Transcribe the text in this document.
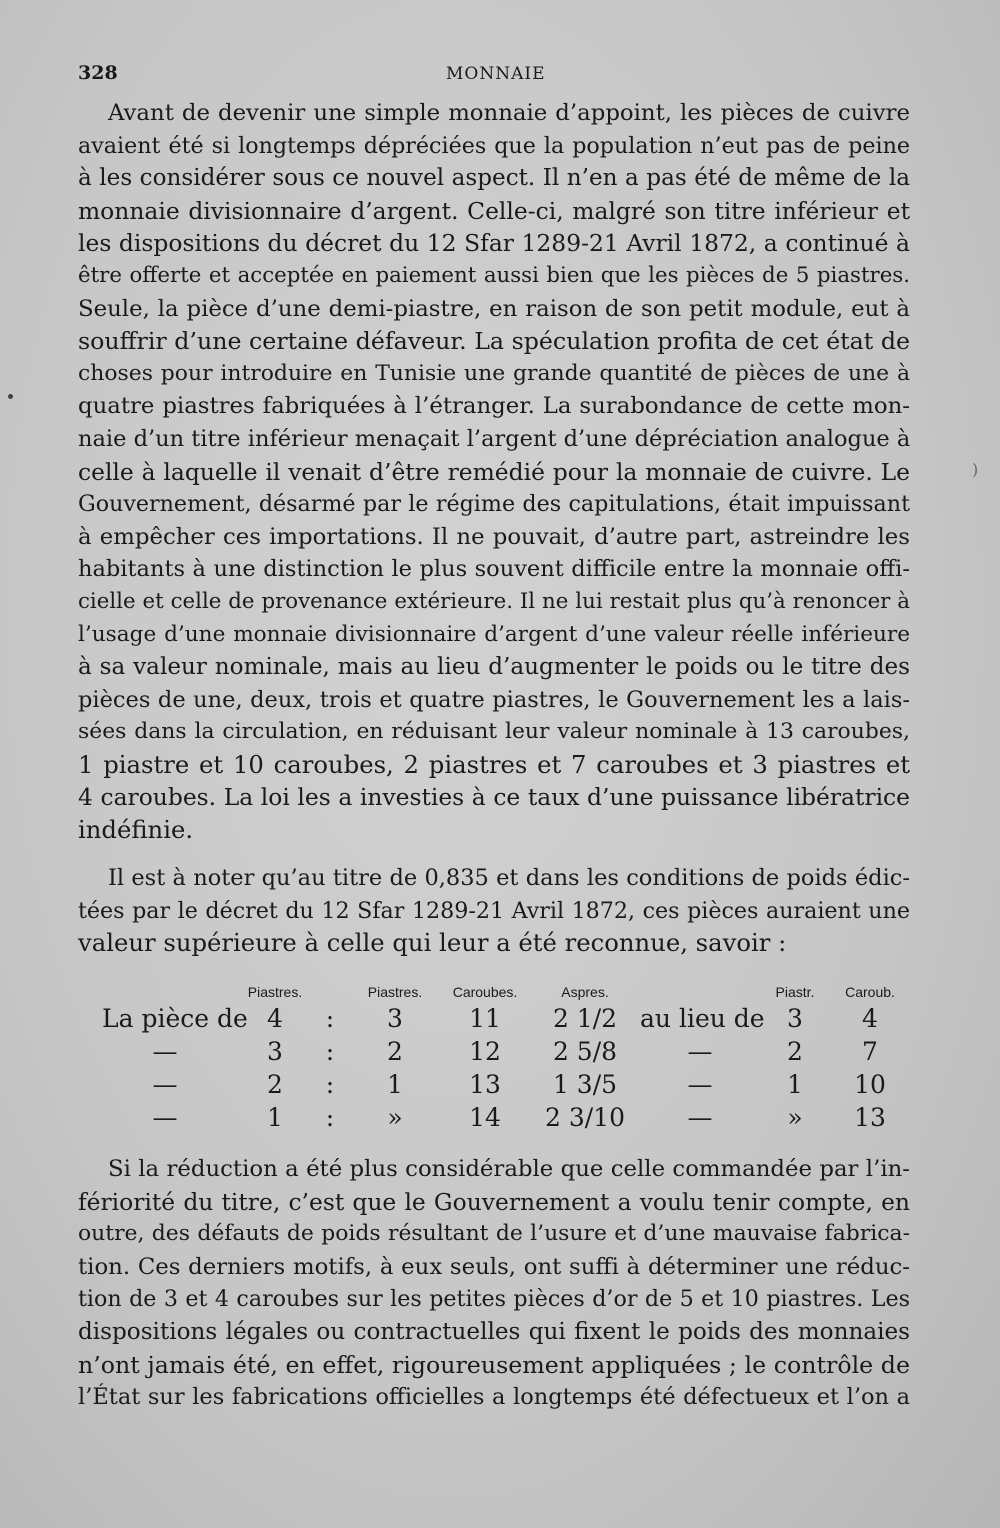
)
328	MONNAIE
Avant de devenir une simple monnaie d’appoint, les pièces de cuivre
avaient été si longtemps dépréciées que la population n’eut pas de peine
à les considérer sous ce nouvel aspect. Il n’en a pas été de même de la
monnaie divisionnaire d’argent. Celle-ci, malgré son titre inférieur et
les dispositions du décret du 12 Sfar 1289-21 Avril 1872, a continué à
être offerte et acceptée en paiement aussi bien que les pièces de 5 piastres.
Seule, la pièce d’une demi-piastre, en raison de son petit module, eut à
souffrir d’une certaine défaveur. La spéculation profita de cet état de
choses pour introduire en Tunisie une grande quantité de pièces de une à
quatre piastres fabriquées à l’étranger. La surabondance de cette mon-
naie d’un titre inférieur menaçait l’argent d’une dépréciation analogue à
celle à laquelle il venait d’être remédié pour la monnaie de cuivre. Le
Gouvernement, désarmé par le régime des capitulations, était impuissant
à empêcher ces importations. Il ne pouvait, d’autre part, astreindre les
habitants à une distinction le plus souvent difficile entre la monnaie offi-
cielle et celle de provenance extérieure. Il ne lui restait plus qu’à renoncer à
l’usage d’une monnaie divisionnaire d’argent d’une valeur réelle inférieure
à sa valeur nominale, mais au lieu d’augmenter le poids ou le titre des
pièces de une, deux, trois et quatre piastres, le Gouvernement les a lais-
sées dans la circulation, en réduisant leur valeur nominale à 13 caroubes,
1 piastre et 10 caroubes, 2 piastres et 7 caroubes et 3 piastres et
4 caroubes. La loi les a investies à ce taux d’une puissance libératrice
indéfinie.
Il est à noter qu’au titre de 0,835 et dans les conditions de poids édic-
tées par le décret du 12 Sfar 1289-21 Avril 1872, ces pièces auraient une
valeur supérieure à celle qui leur a été reconnue, savoir :
	Piastres.		Piastres.	Caroubes.	Aspres.		Piastr.	Caroub.
La pièce de	4	:	3	11	2 1/2	au lieu de	3	4
—	3	:	2	12	2 5/8	—	2	7
—	2	:	1	13	1 3/5	—	1	10
—	1	:	»	14	2 3/10	—	»	13
Si la réduction a été plus considérable que celle commandée par l’in-
fériorité du titre, c’est que le Gouvernement a voulu tenir compte, en
outre, des défauts de poids résultant de l’usure et d’une mauvaise fabrica-
tion. Ces derniers motifs, à eux seuls, ont suffi à déterminer une réduc-
tion de 3 et 4 caroubes sur les petites pièces d’or de 5 et 10 piastres. Les
dispositions légales ou contractuelles qui fixent le poids des monnaies
n’ont jamais été, en effet, rigoureusement appliquées ; le contrôle de
l’État sur les fabrications officielles a longtemps été défectueux et l’on a
